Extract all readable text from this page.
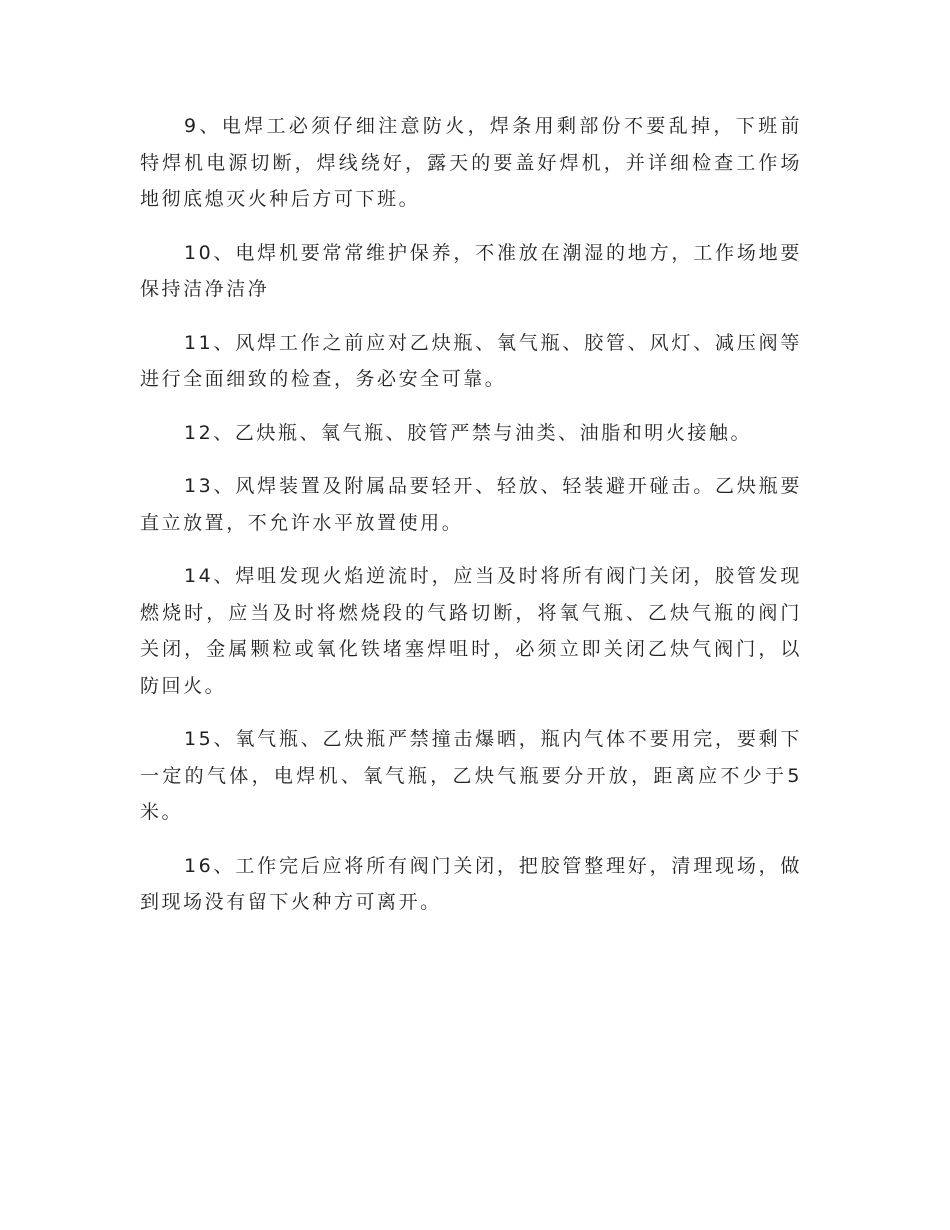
9、电焊工必须仔细注意防火，焊条用剩部份不要乱掉，下班前特焊机电源切断，焊线绕好，露天的要盖好焊机，并详细检查工作场地彻底熄灭火种后方可下班。

10、电焊机要常常维护保养，不准放在潮湿的地方，工作场地要保持洁净洁净

11、风焊工作之前应对乙炔瓶、氧气瓶、胶管、风灯、减压阀等进行全面细致的检查，务必安全可靠。

12、乙炔瓶、氧气瓶、胶管严禁与油类、油脂和明火接触。

13、风焊装置及附属品要轻开、轻放、轻装避开碰击。乙炔瓶要直立放置，不允许水平放置使用。

14、焊咀发现火焰逆流时，应当及时将所有阀门关闭，胶管发现燃烧时，应当及时将燃烧段的气路切断，将氧气瓶、乙炔气瓶的阀门关闭，金属颗粒或氧化铁堵塞焊咀时，必须立即关闭乙炔气阀门，以防回火。

15、氧气瓶、乙炔瓶严禁撞击爆晒，瓶内气体不要用完，要剩下一定的气体，电焊机、氧气瓶，乙炔气瓶要分开放，距离应不少于5米。

16、工作完后应将所有阀门关闭，把胶管整理好，清理现场，做到现场没有留下火种方可离开。
